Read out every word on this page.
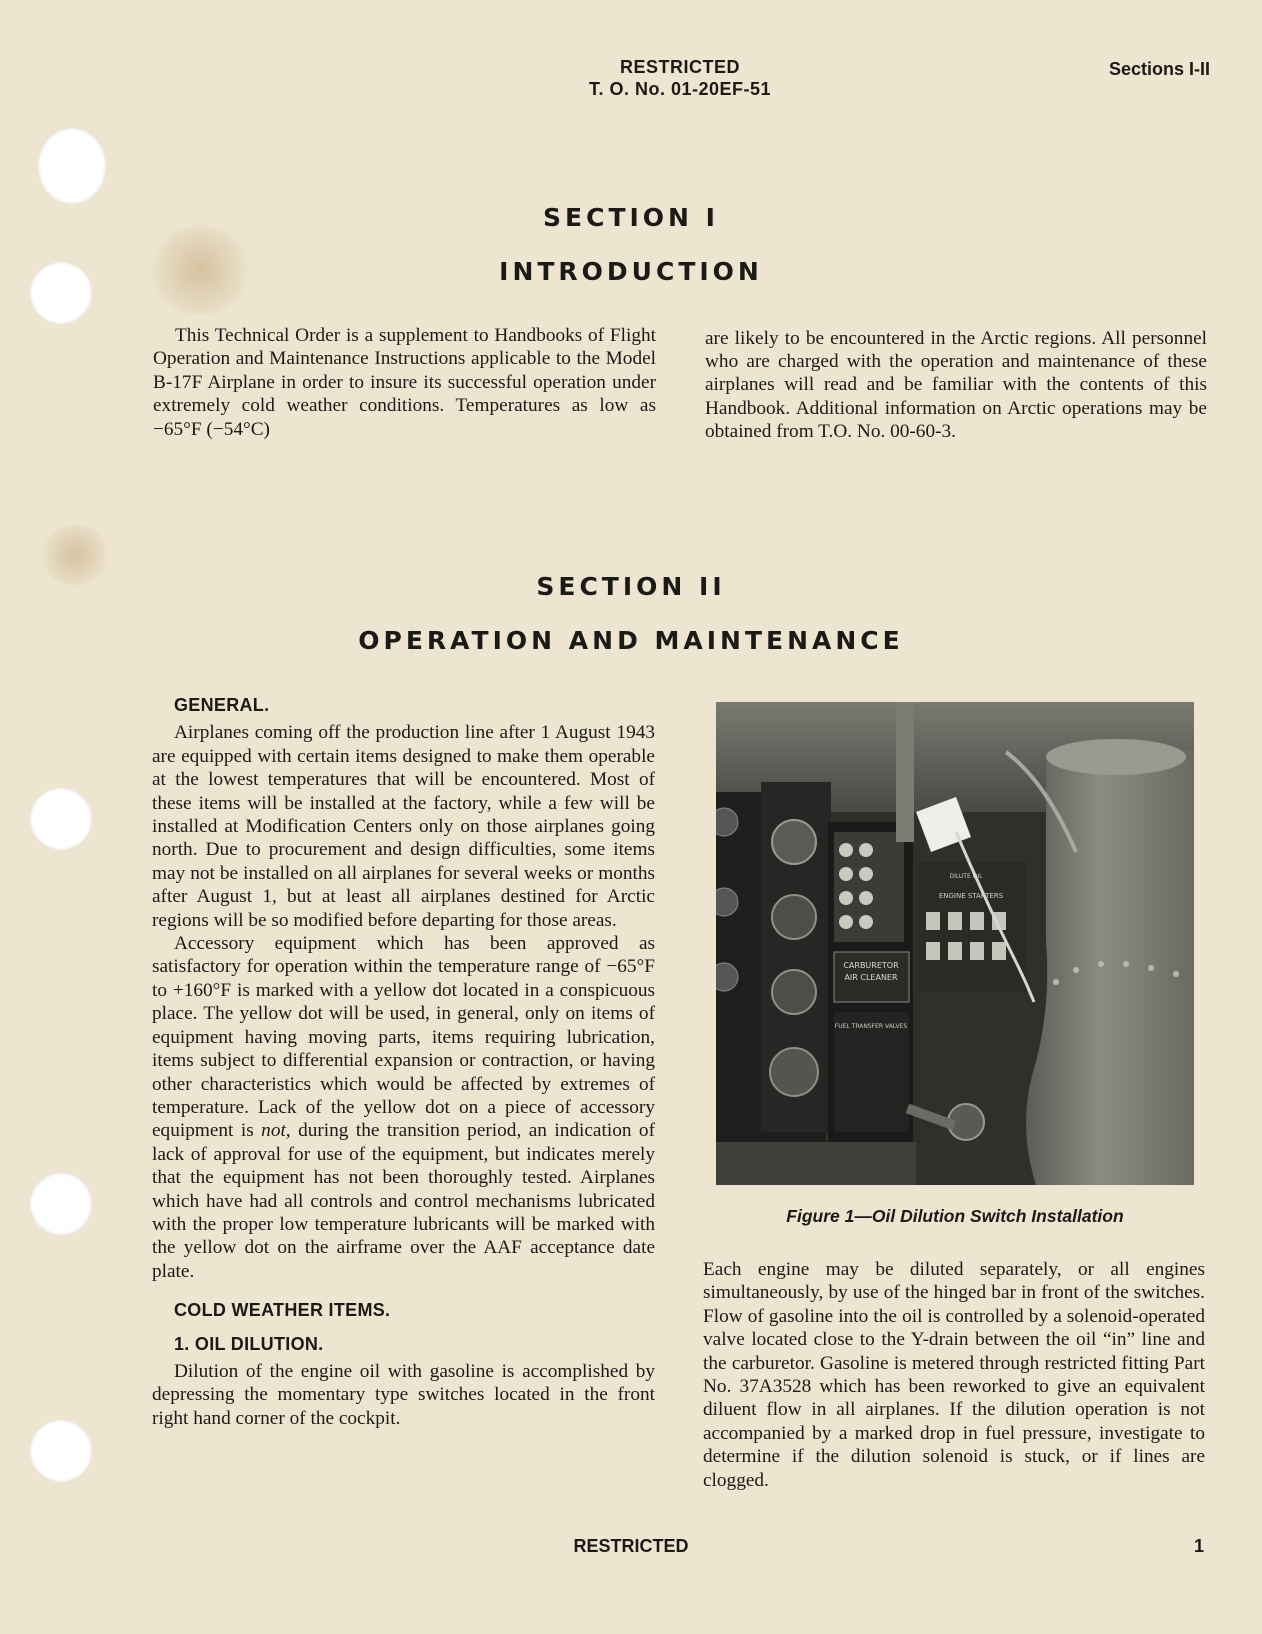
RESTRICTED
T. O. No. 01-20EF-51
Sections I-II
SECTION I
INTRODUCTION

This Technical Order is a supplement to Handbooks of Flight Operation and Maintenance Instructions applicable to the Model B-17F Airplane in order to insure its successful operation under extremely cold weather conditions. Temperatures as low as −65°F (−54°C)

are likely to be encountered in the Arctic regions. All personnel who are charged with the operation and maintenance of these airplanes will read and be familiar with the contents of this Handbook. Additional information on Arctic operations may be obtained from T.O. No. 00-60-3.

SECTION II
OPERATION AND MAINTENANCE

GENERAL.

Airplanes coming off the production line after 1 August 1943 are equipped with certain items designed to make them operable at the lowest temperatures that will be encountered. Most of these items will be installed at the factory, while a few will be installed at Modification Centers only on those airplanes going north. Due to procurement and design difficulties, some items may not be installed on all airplanes for several weeks or months after August 1, but at least all airplanes destined for Arctic regions will be so modified before departing for those areas.

Accessory equipment which has been approved as satisfactory for operation within the temperature range of −65°F to +160°F is marked with a yellow dot located in a conspicuous place. The yellow dot will be used, in general, only on items of equipment having moving parts, items requiring lubrication, items subject to differential expansion or contraction, or having other characteristics which would be affected by extremes of temperature. Lack of the yellow dot on a piece of accessory equipment is not, during the transition period, an indication of lack of approval for use of the equipment, but indicates merely that the equipment has not been thoroughly tested. Airplanes which have had all controls and control mechanisms lubricated with the proper low temperature lubricants will be marked with the yellow dot on the airframe over the AAF acceptance date plate.

COLD WEATHER ITEMS.

1. OIL DILUTION.

Dilution of the engine oil with gasoline is accomplished by depressing the momentary type switches located in the front right hand corner of the cockpit.

CARBURETOR
AIR CLEANER
FUEL TRANSFER VALVES
ENGINE STARTERS
DILUTE OIL
Figure 1—Oil Dilution Switch Installation

Each engine may be diluted separately, or all engines simultaneously, by use of the hinged bar in front of the switches. Flow of gasoline into the oil is controlled by a solenoid-operated valve located close to the Y-drain between the oil “in” line and the carburetor. Gasoline is metered through restricted fitting Part No. 37A3528 which has been reworked to give an equivalent diluent flow in all airplanes. If the dilution operation is not accompanied by a marked drop in fuel pressure, investigate to determine if the dilution solenoid is stuck, or if lines are clogged.

RESTRICTED	1
